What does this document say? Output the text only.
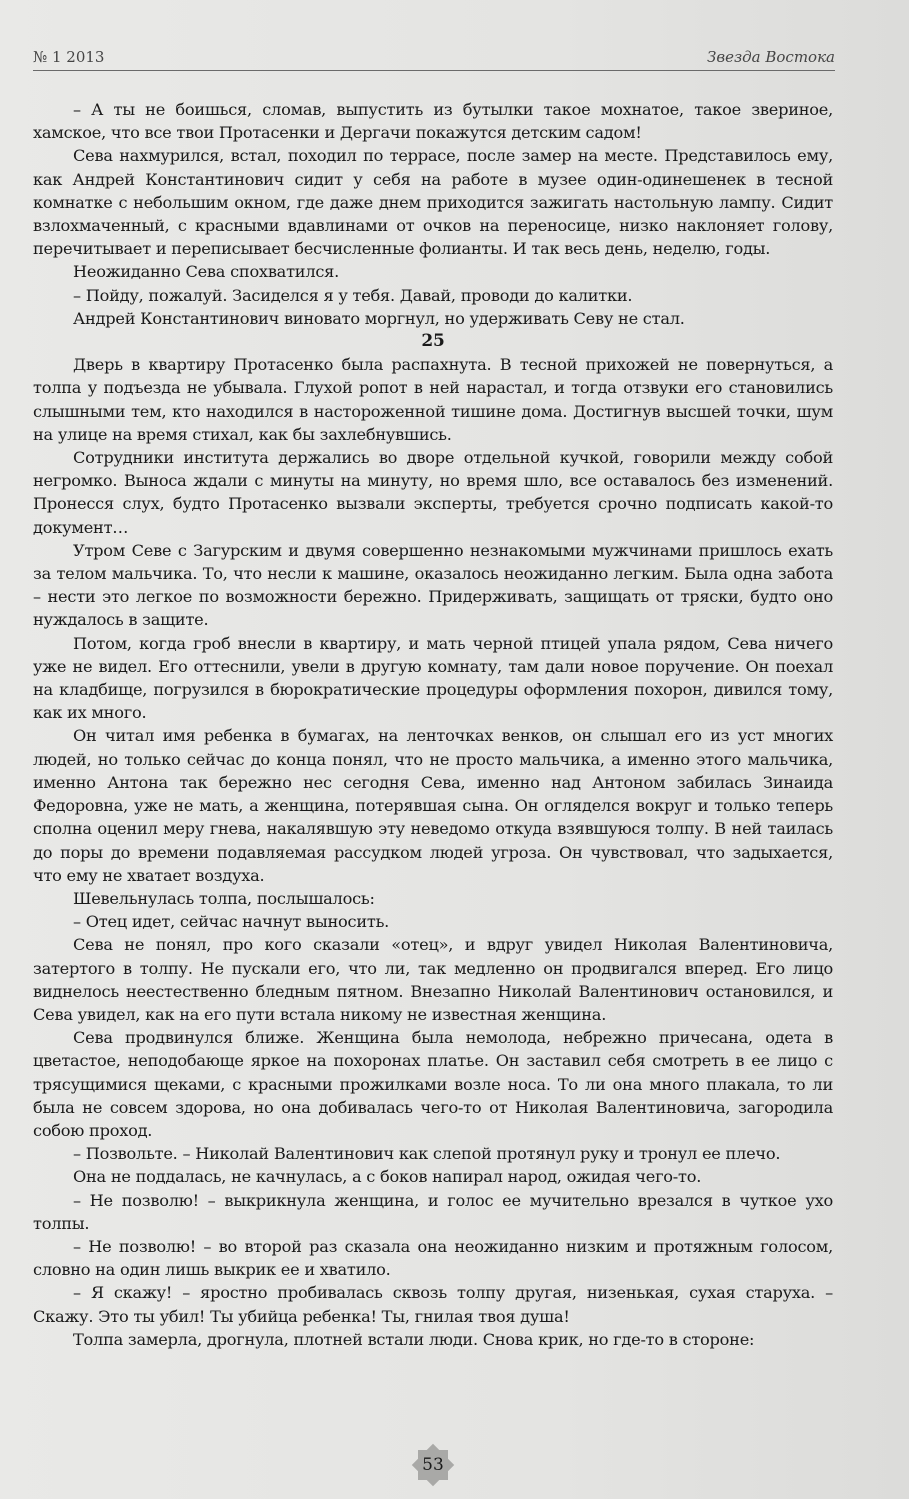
№ 1 2013	Звезда Востока

– А ты не боишься, сломав, выпустить из бутылки такое мохнатое, такое звериное, хамское, что все твои Протасенки и Дергачи покажутся детским садом!

Сева нахмурился, встал, походил по террасе, после замер на месте. Представилось ему, как Андрей Константинович сидит у себя на работе в музее один-одинешенек в тесной комнатке с небольшим окном, где даже днем приходится зажигать настольную лампу. Сидит взлохмаченный, с красными вдавлинами от очков на переносице, низко наклоняет голову, перечитывает и переписывает бесчисленные фолианты. И так весь день, неделю, годы.

Неожиданно Сева спохватился.

– Пойду, пожалуй. Засиделся я у тебя. Давай, проводи до калитки.

Андрей Константинович виновато моргнул, но удерживать Севу не стал.

25

Дверь в квартиру Протасенко была распахнута. В тесной прихожей не повернуться, а толпа у подъезда не убывала. Глухой ропот в ней нарастал, и тогда отзвуки его становились слышными тем, кто находился в настороженной тишине дома. Достигнув высшей точки, шум на улице на время стихал, как бы захлебнувшись.

Сотрудники института держались во дворе отдельной кучкой, говорили между собой негромко. Выноса ждали с минуты на минуту, но время шло, все оставалось без изменений. Пронесся слух, будто Протасенко вызвали эксперты, требуется срочно подписать какой-то документ…

Утром Севе с Загурским и двумя совершенно незнакомыми мужчинами пришлось ехать за телом мальчика. То, что несли к машине, оказалось неожиданно легким. Была одна забота – нести это легкое по возможности бережно. Придерживать, защищать от тряски, будто оно нуждалось в защите.

Потом, когда гроб внесли в квартиру, и мать черной птицей упала рядом, Сева ничего уже не видел. Его оттеснили, увели в другую комнату, там дали новое поручение. Он поехал на кладбище, погрузился в бюрократические процедуры оформления похорон, дивился тому, как их много.

Он читал имя ребенка в бумагах, на ленточках венков, он слышал его из уст многих людей, но только сейчас до конца понял, что не просто мальчика, а именно этого мальчика, именно Антона так бережно нес сегодня Сева, именно над Антоном забилась Зинаида Федоровна, уже не мать, а женщина, потерявшая сына. Он огляделся вокруг и только теперь сполна оценил меру гнева, накалявшую эту неведомо откуда взявшуюся толпу. В ней таилась до поры до времени подавляемая рассудком людей угроза. Он чувствовал, что задыхается, что ему не хватает воздуха.

Шевельнулась толпа, послышалось:

– Отец идет, сейчас начнут выносить.

Сева не понял, про кого сказали «отец», и вдруг увидел Николая Валентиновича, затертого в толпу. Не пускали его, что ли, так медленно он продвигался вперед. Его лицо виднелось неестественно бледным пятном. Внезапно Николай Валентинович остановился, и Сева увидел, как на его пути встала никому не известная женщина.

Сева продвинулся ближе. Женщина была немолода, небрежно причесана, одета в цветастое, неподобающе яркое на похоронах платье. Он заставил себя смотреть в ее лицо с трясущимися щеками, с красными прожилками возле носа. То ли она много плакала, то ли была не совсем здорова, но она добивалась чего-то от Николая Валентиновича, загородила собою проход.

– Позвольте. – Николай Валентинович как слепой протянул руку и тронул ее плечо.

Она не поддалась, не качнулась, а с боков напирал народ, ожидая чего-то.

– Не позволю! – выкрикнула женщина, и голос ее мучительно врезался в чуткое ухо толпы.

– Не позволю! – во второй раз сказала она неожиданно низким и протяжным голосом, словно на один лишь выкрик ее и хватило.

– Я скажу! – яростно пробивалась сквозь толпу другая, низенькая, сухая старуха. – Скажу. Это ты убил! Ты убийца ребенка! Ты, гнилая твоя душа!

Толпа замерла, дрогнула, плотней встали люди. Снова крик, но где-то в стороне:

53
